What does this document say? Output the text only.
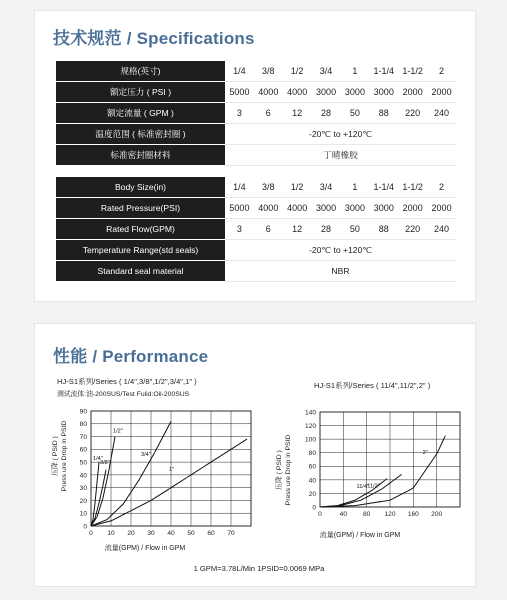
技术规范 / Specifications
规格(英寸)	1/4	3/8	1/2	3/4	1	1-1/4	1-1/2	2
额定压力 ( PSI )	5000	4000	4000	3000	3000	3000	2000	2000
额定流量 ( GPM )	3	6	12	28	50	88	220	240
温度范围 ( 标准密封圈 )	-20℃ to +120℃							
标准密封圈材料	丁晴橡胶							
Body Size(in)	1/4	3/8	1/2	3/4	1	1-1/4	1-1/2	2
Rated Pressure(PSI)	5000	4000	4000	3000	3000	3000	2000	2000
Rated Flow(GPM)	3	6	12	28	50	88	220	240
Temperature Range(std seals)	-20℃ to +120℃							
Standard seal material	NBR							
性能 / Performance
HJ-S1系列/Series ( 1/4",3/8",1/2",3/4",1" )
测试流体:油-200SUS/Test Fulid:Oil-200SUS
流量(GPM) / Flow in GPM
压降 ( PSID ) Press ure Drop in PSID
0
10
20
30
40
50
60
70
80
90
0 10 20 30 40 50 60 70
1/4"
3/8"
1/2"
3/4"
1"
HJ-S1系列/Series ( 11/4",11/2",2" )
流量(GPM) / Flow in GPM
压降 ( PSID ) Press ure Drop in PSID
0
20
40
60
80
100
120
140
0	40 80 120 160 200
11/4"
11/2"
2"
1 GPM=3.78L/Min 1PSID=0.0069 MPa
